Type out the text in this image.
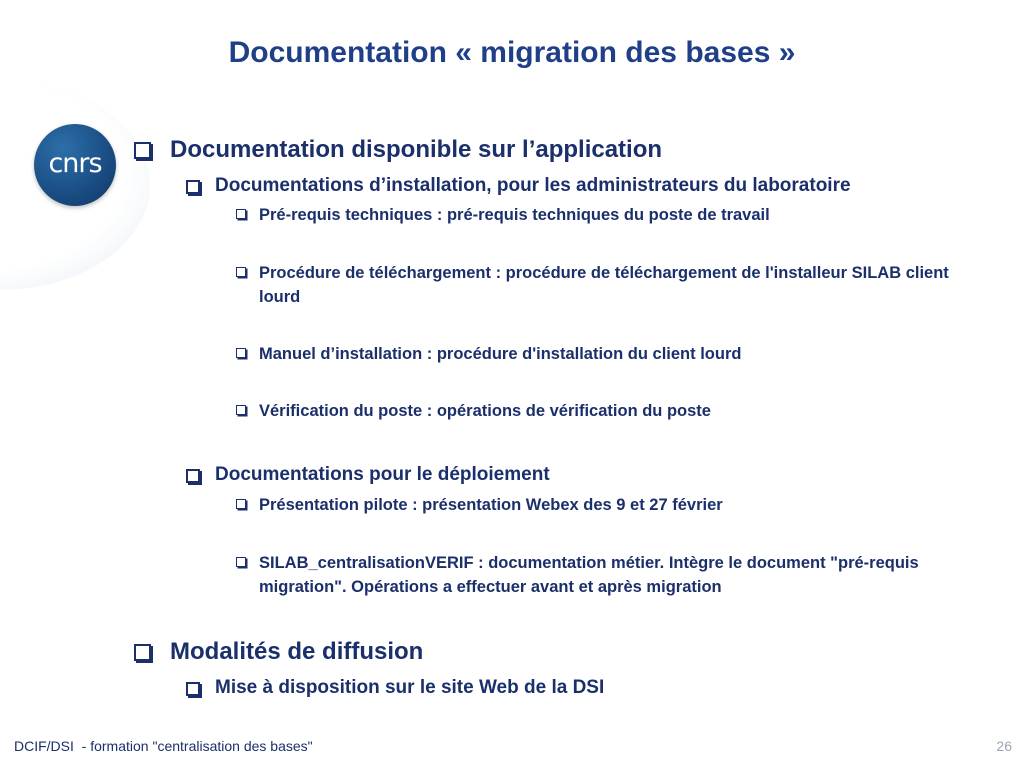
cnrs
Documentation « migration des bases »
Documentation disponible sur l’application
Documentations d’installation, pour les administrateurs du laboratoire
Pré-requis techniques : pré-requis techniques du poste de travail
Procédure de téléchargement : procédure de téléchargement de l'installeur SILAB client lourd
Manuel d’installation : procédure d'installation du client lourd
Vérification du poste : opérations de vérification du poste
Documentations pour le déploiement
Présentation pilote : présentation Webex des 9 et 27 février
SILAB_centralisationVERIF : documentation métier. Intègre le document "pré-requis migration". Opérations a effectuer avant et après migration
Modalités de diffusion
Mise à disposition sur le site Web de la DSI
DCIF/DSI  - formation "centralisation des bases"	26
